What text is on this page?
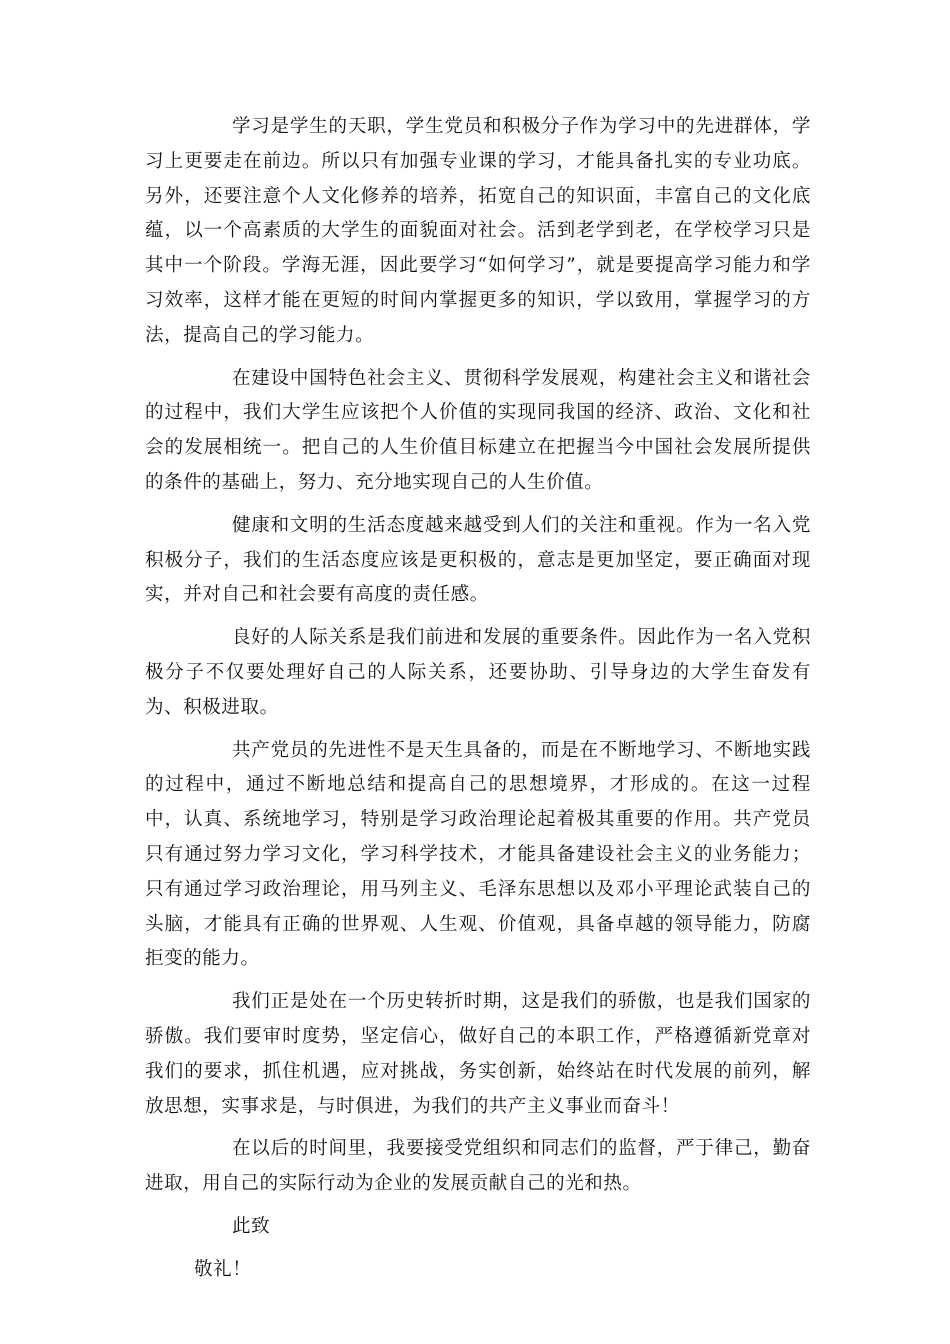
学习是学生的天职，学生党员和积极分子作为学习中的先进群体，学习上更要走在前边。所以只有加强专业课的学习，才能具备扎实的专业功底。另外，还要注意个人文化修养的培养，拓宽自己的知识面，丰富自己的文化底蕴，以一个高素质的大学生的面貌面对社会。活到老学到老，在学校学习只是其中一个阶段。学海无涯，因此要学习“如何学习”，就是要提高学习能力和学习效率，这样才能在更短的时间内掌握更多的知识，学以致用，掌握学习的方法，提高自己的学习能力。

在建设中国特色社会主义、贯彻科学发展观，构建社会主义和谐社会的过程中，我们大学生应该把个人价值的实现同我国的经济、政治、文化和社会的发展相统一。把自己的人生价值目标建立在把握当今中国社会发展所提供的条件的基础上，努力、充分地实现自己的人生价值。

健康和文明的生活态度越来越受到人们的关注和重视。作为一名入党积极分子，我们的生活态度应该是更积极的，意志是更加坚定，要正确面对现实，并对自己和社会要有高度的责任感。

良好的人际关系是我们前进和发展的重要条件。因此作为一名入党积极分子不仅要处理好自己的人际关系，还要协助、引导身边的大学生奋发有为、积极进取。

共产党员的先进性不是天生具备的，而是在不断地学习、不断地实践的过程中，通过不断地总结和提高自己的思想境界，才形成的。在这一过程中，认真、系统地学习，特别是学习政治理论起着极其重要的作用。共产党员只有通过努力学习文化，学习科学技术，才能具备建设社会主义的业务能力；只有通过学习政治理论，用马列主义、毛泽东思想以及邓小平理论武装自己的头脑，才能具有正确的世界观、人生观、价值观，具备卓越的领导能力，防腐拒变的能力。

我们正是处在一个历史转折时期，这是我们的骄傲，也是我们国家的骄傲。我们要审时度势，坚定信心，做好自己的本职工作，严格遵循新党章对我们的要求，抓住机遇，应对挑战，务实创新，始终站在时代发展的前列，解放思想，实事求是，与时俱进，为我们的共产主义事业而奋斗！

在以后的时间里，我要接受党组织和同志们的监督，严于律己，勤奋进取，用自己的实际行动为企业的发展贡献自己的光和热。

此致

敬礼！
